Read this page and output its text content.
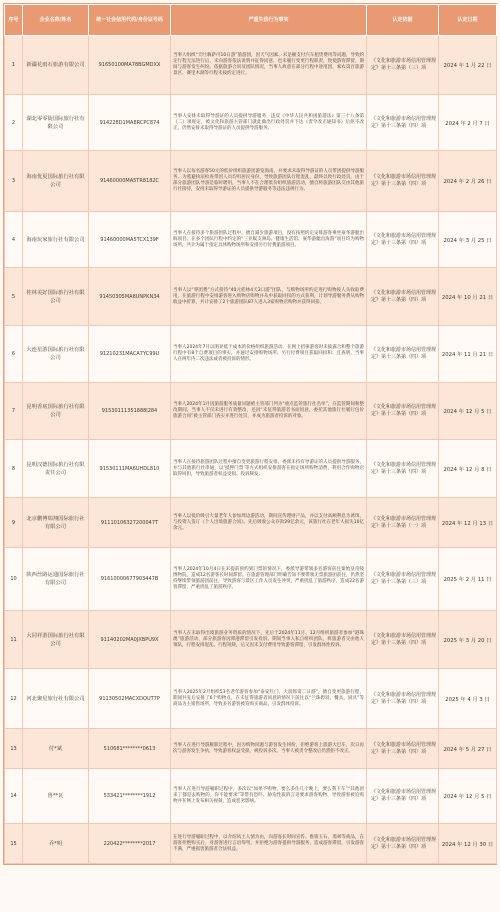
序号	企业名称/姓名	统一社会信用代码/身份证号码	严重失信行为事实	认定依据	认定日期
1	新疆花雨石旅游有限公司	91650100MA78BGMDXX	当事人组织“天吐嗨萨可10日游”旅游团，因天气因素、未足额支付汽车租赁费用等问题，导致约定行程无法进行后，未向游客依法说明并征得同意，也未履行变更行程职责，致使游客滞留，期间与游客发生纠纷。依据旅游合同及团队情况，当事人故意在部分行程中途甩团，素农第百旅游景区、赛里木湖等行程未按约定进行。	《文化和旅游市场信用管理规定》第十三条第（三）项	2024 年 1 月 22 日
2	湖北零零街国际旅行社有限公司	914228D1MA8RCPC874	当事人安排未取得导游证的人员提供导游服务，违反《中华人民共和国旅游法》第三十八条第（二）项规定，被文化和旅游主管部门就此做出行政处罚并下达《责令改正通知书》后拒不改正，仍然安排未取得导游证的人员提供导游服务。	《文化和旅游市场信用管理规定》第十三条第（四）项	2024 年 2 月 7 日
3	海南优夏国际旅行社有限公司	91460000MA5TR8182C	当事人以每名游客50元的低价组织旅游团游览海南，并要求未取得导游证的人员带团提供导游服务，为逃避执法检查带团人员均用居民身份，导致旅游团队行程混乱，最终以致行政处罚。由于部分旅游团队导游是临时聘用，当事人不在合理低价组织旅游活动，擅自将旅游团队交由其他旅行社接待，安排未取得导游证的人员提供导游服务等违法违规行为。	《文化和旅游市场信用管理规定》第十三条第（四）项	2024 年 2 月 26 日
4	海南玩家旅行社有限公司	91460000MA5TCX139F	当事人在接待多个旅游团队过程中，擅自减少旅游项目，没有按照约定安排游客乘坐豪华游艇出海项目。在多个团队行程中约定的“三亚蜈支洲岛、健康生活馆、豪华游艇出海游”项目均为购物场所，共计为属于指定具体购物场所和安排另行付费旅游项目。	《文化和旅游市场信用管理规定》第十三条第（四）项	2024 年 3 月 25 日
5	桂林美好国际旅行社有限公司	91450305MA8UNPKN34	当事人以“零团费”方式接待“40元桂林4天3日游”团队，与购物场所约定进行购物按人头收取费用，在旅游行程中安排游客进入购物店购物并从中获取回扣的方式获利，计划导游服务费从购物收益中折算，共计安排了2个旅游团队87人进入3家购物店购物并获得回扣。	《文化和旅游市场信用管理规定》第十三条第（四）项	2024 年 10 月 21 日
6	大连星游国际旅行社有限公司	91210231MACA7YC99U	当事人2024年7月以明显低于成本的价格组织旅游活动，在网上招徕游客时未披露合和整个旅游行程中有8个自费项目的事实，并通过安排购物场所、另行付费项目获取回扣和、且查明，当事人在两年内二次违法或者被投诉的情形。	《文化和旅游市场信用管理规定》第十三条第（四）项	2024 年 11 月 21 日
7	昆明香底国际旅行社有限公司	91530111351888l284	当事人2024年1月因旅游服务质量问题被主管部门列为“重点监管旅行社名单”，在监管期间和整改期间，当事人不仅未进行有效整改，还因“未征得旅游者书面同意，委托其他旅行社履行包价旅游合同”被主管部门查实并进行处罚，并成为旅游者投诉的对象。	《文化和旅游市场信用管理规定》第十三条第（四）项	2024 年 12 月 5 日
8	昆明汉德国际旅行社有限责任公司	91530111MA6UHDL810	当事人在接待旅游团队过程中擅自变更旅游行程安排，委派未持有导游证的人员提供导游服务，并与其他旅行社串通，以‘抵押门票’等方式组织安排游客在指定场所购物消费，利用合作购物店取得回扣，导致旅游者权益受损、投诉频发。	《文化和旅游市场信用管理规定》第十三条第（四）项	2024 年 12 月 8 日
9	北京鹏博瑞翔国际旅行社有限公司	91110106327200047T	当事人以低价吸引大量老年人参加周边游活动，期间宣传理财产品，并以支付高额利息为诱饵，与投资人签订《个人出境旅游合同》。先后吸收公众存款29亿余元，该旅行社在老年人损失10亿余元。	《文化和旅游市场信用管理规定》第十三条第（一）项	2024 年 12 月 13 日
10	陕西丝路运通国际旅行社有限公司	91610000677903447B	当事人2024年10月4日在未提前预约到门票的情况下，委派导游带领多名游客前往秦始皇帝陵博物院，造成12名游客长时间滞留。在旅游管理部门明确告知不要带领无票旅游团前往，仍然坚持继续带领旅游团前往，导致游客与景区工作人员发生冲突，严重扰乱了旅游秩序，造成22名游客滞留，严重扰乱了旅游秩序。	《文化和旅游市场信用管理规定》第十三条第（三）项	2025 年 2 月 11 日
11	大同祥游国际旅行社有限公司	91140202MA0JXBPU9X	当事人在未取得出境旅游业务资质的情况下，先后于2024年11月、12月组织旅游者参加“港珠澳”旅游活动，部分旅游客因滞港滞留引发投诉。期间当事人私自组织团队，将旅游者交由他人领队，行程安排混乱、行程短缺，后又因未支付费用导致游客滞留，引发群体性投诉。	《文化和旅游市场信用管理规定》第十三条第（四）项	2025 年 3 月 20 日
12	河北聚星旅行社有限公司	91130502MACXDQUT7P	当事人2025年2月组织53名老年游客参加“泰安红门、大润郎第二日游”，擅自变更旅游行程，期间共先后安排了6个购物点，在未征得旅游者同意的情况下前往以“兰珠碧羽、餐具、厨具”等商品为主销售场所，导致多名游客被迫购买商品，引发群体投诉。	《文化和旅游市场信用管理规定》第十三条第（四）项	2025 年 4 月 3 日
13	付*斌	510681********0613	当事人在进行导游履职过程中，因为购物问题与游客发生纠纷，拒绝游客上旅游大巴车，次日再次与游客发生争执，导致游客权益受损，被投诉多次。当事人被责令整改后仍然拒不改正。	《文化和旅游市场信用管理规定》第十三条第（四）项	2024 年 5 月 27 日
14	鲁**瓦	533421********1912	当事人在进行导游履职过程中，多次以“如果不购物，要么多住几个晚上，要么我下车”“其他团来了都是去购物的，你不能要求”等带有恐吓、胁迫性质的言语要求游客购物，导致游客被迫购物并在网上发布相关视频，造成恶劣影响。	《文化和旅游市场信用管理规定》第十三条第（四）项	2024 年 12 月 5 日
15	乔*明	220422********2017	在进行导游履职过程中，以介绍风土人情为由，向游客长时间宣传、推销玉石、翡翠等商品，在游客拒绝购买后，对游客进行言语辱骂，并拒绝为游客提供导游服务，造成游客滞留，引发游客不满，严重损害旅游者合法权益。	《文化和旅游市场信用管理规定》第十三条第（四）项	2024 年 12 月 30 日
